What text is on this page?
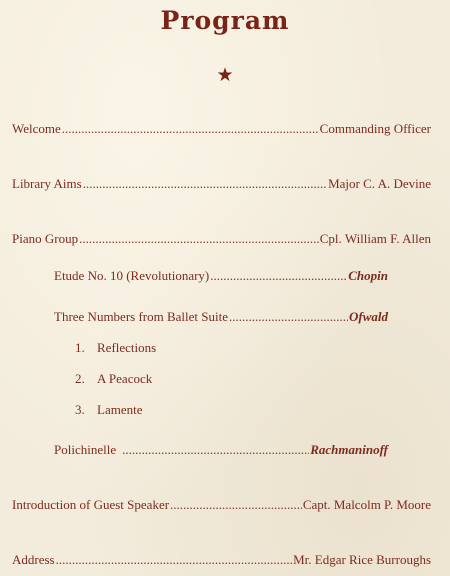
Program
★
Welcome .....	Commanding Officer
Library Aims .....	Major C. A. Devine
Piano Group .....	Cpl. William F. Allen
Etude No. 10 (Revolutionary) .....	Chopin
Three Numbers from Ballet Suite .....	Ofwald
1. Reflections
2. A Peacock
3. Lamente
Polichinelle .....	Rachmaninoff
Introduction of Guest Speaker .....	Capt. Malcolm P. Moore
Address .....	Mr. Edgar Rice Burroughs
